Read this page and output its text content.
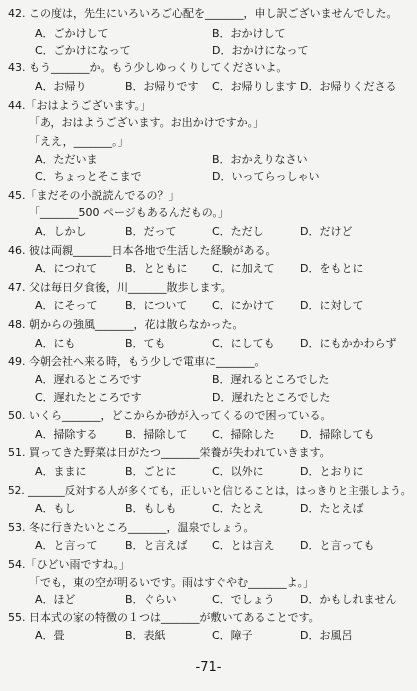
42. この度は，先生にいろいろご心配を_______，申し訳ございませんでした。
A．ごかけして	B．おかけして
C．ごかけになって	D．おかけになって
43. もう_______か。もう少しゆっくりしてくださいよ。
A．お帰り	B．お帰りです C．お帰りします D．お帰りくださる
44.「おはようございます。」
「あ，おはようございます。お出かけですか。」
「ええ，_______。」
A．ただいま	B．おかえりなさい
C．ちょっとそこまで	D．いってらっしゃい
45.「まだその小説読んでるの？」
「_______500 ページもあるんだもの。」
A．しかし	B．だって	C．ただし	D．だけど
46. 彼は両親_______日本各地で生活した経験がある。
A．につれて	B．とともに C．に加えて D．をもとに
47. 父は毎日夕食後，川_______散歩します。
A．にそって B．について C．にかけて D．に対して
48. 朝からの強風_______，花は散らなかった。
A．にも	B．ても	C．にしても D．にもかかわらず
49. 今朝会社へ来る時，もう少しで電車に_______。
A．遅れるところです	B．遅れるところでした
C．遅れたところです	D．遅れたところでした
50. いくら_______，どこからか砂が入ってくるので困っている。
A．掃除する B．掃除して C．掃除した D．掃除しても
51. 買ってきた野菜は日がたつ_______栄養が失われていきます。
A．ままに	B．ごとに	C．以外に	D．とおりに
52. _______反対する人が多くても，正しいと信じることは，はっきりと主張しよう。
A．もし	B．もしも	C．たとえ	D．たとえば
53. 冬に行きたいところ_______，温泉でしょう。
A．と言って B．と言えば C．とは言え D．と言っても
54.「ひどい雨ですね。」
「でも，東の空が明るいです。雨はすぐやむ_______よ。」
A．ほど	B．ぐらい	C．でしょう D．かもしれません
55. 日本式の家の特徴の１つは_______が敷いてあることです。
A．畳	B．表紙	C．障子	D．お風呂
-71-
